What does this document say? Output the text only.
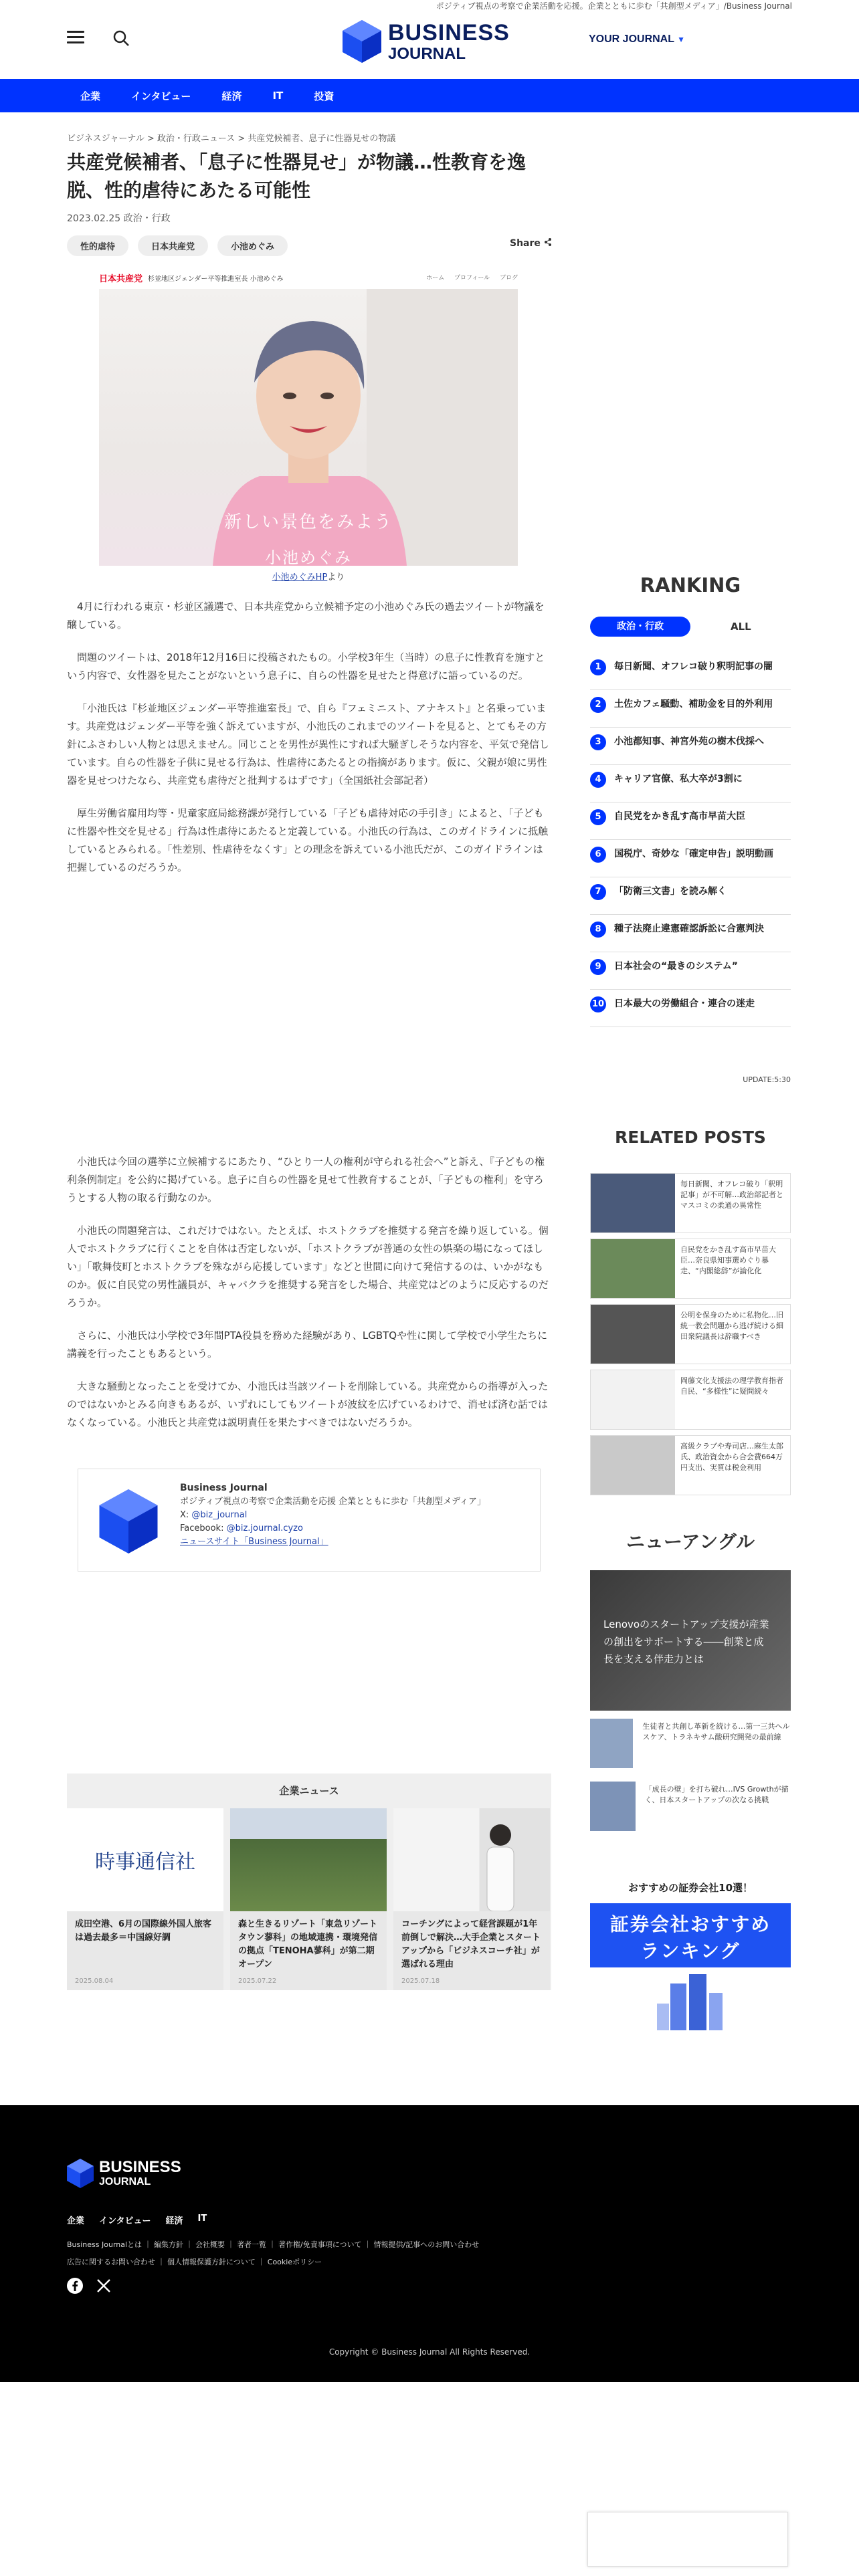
ポジティブ視点の考察で企業活動を応援。企業とともに歩む「共創型メディア」/Business Journal
BUSINESS
JOURNAL
YOUR JOURNAL ▼
企業	インタビュー	経済	IT	投資
ビジネスジャーナル > 政治・行政ニュース > 共産党候補者、息子に性器見せの物議
共産党候補者、「息子に性器見せ」が物議…性教育を逸脱、性的虐待にあたる可能性
2023.02.25 政治・行政
性的虐待	日本共産党	小池めぐみ	Share
日本共産党 杉並地区ジェンダー平等推進室長 小池めぐみ	ホーム プロフィール ブログ
新しい景色をみよう
小池めぐみ
小池めぐみHPより

4月に行われる東京・杉並区議選で、日本共産党から立候補予定の小池めぐみ氏の過去ツイートが物議を醸している。

問題のツイートは、2018年12月16日に投稿されたもの。小学校3年生（当時）の息子に性教育を施すという内容で、女性器を見たことがないという息子に、自らの性器を見せたと得意げに語っているのだ。

「小池氏は『杉並地区ジェンダー平等推進室長』で、自ら『フェミニスト、アナキスト』と名乗っています。共産党はジェンダー平等を強く訴えていますが、小池氏のこれまでのツイートを見ると、とてもその方針にふさわしい人物とは思えません。同じことを男性が異性にすれば大騒ぎしそうな内容を、平気で発信しています。自らの性器を子供に見せる行為は、性虐待にあたるとの指摘があります。仮に、父親が娘に男性器を見せつけたなら、共産党も虐待だと批判するはずです」（全国紙社会部記者）

厚生労働省雇用均等・児童家庭局総務課が発行している「子ども虐待対応の手引き」によると、「子どもに性器や性交を見せる」行為は性虐待にあたると定義している。小池氏の行為は、このガイドラインに抵触しているとみられる。「性差別、性虐待をなくす」との理念を訴えている小池氏だが、このガイドラインは把握しているのだろうか。

小池氏は今回の選挙に立候補するにあたり、“ひとり一人の権利が守られる社会へ”と訴え、『子どもの権利条例制定』を公約に掲げている。息子に自らの性器を見せて性教育することが、「子どもの権利」を守ろうとする人物の取る行動なのか。

小池氏の問題発言は、これだけではない。たとえば、ホストクラブを推奨する発言を繰り返している。個人でホストクラブに行くことを自体は否定しないが、「ホストクラブが普通の女性の娯楽の場になってほしい」「歌舞伎町とホストクラブを殊ながら応援しています」などと世間に向けて発信するのは、いかがなものか。仮に自民党の男性議員が、キャバクラを推奨する発言をした場合、共産党はどのように反応するのだろうか。

さらに、小池氏は小学校で3年間PTA役員を務めた経験があり、LGBTQや性に関して学校で小学生たちに講義を行ったこともあるという。

大きな騒動となったことを受けてか、小池氏は当該ツイートを削除している。共産党からの指導が入ったのではないかとみる向きもあるが、いずれにしてもツイートが波紋を広げているわけで、消せば済む話ではなくなっている。小池氏と共産党は説明責任を果たすべきではないだろうか。

Business Journal
ポジティブ視点の考察で企業活動を応援 企業とともに歩む「共創型メディア」
X: @biz_journal
Facebook: @biz.journal.cyzo
ニュースサイト「Business Journal」
企業ニュース
時事通信社
成田空港、6月の国際線外国人旅客は過去最多＝中国線好調
2025.08.04
森と生きるリゾート「東急リゾートタウン蓼科」の地域連携・環境発信の拠点「TENOHA蓼科」が第二期オープン
2025.07.22
コーチングによって経営課題が1年前倒しで解決…大手企業とスタートアップから「ビジネスコーチ社」が選ばれる理由
2025.07.18
RANKING
政治・行政	ALL
1	毎日新聞、オフレコ破り釈明記事の闇
2	土佐カフェ騒動、補助金を目的外利用
3	小池都知事、神宮外苑の樹木伐採へ
4	キャリア官僚、私大卒が3割に
5	自民党をかき乱す高市早苗大臣
6	国税庁、奇妙な「確定申告」説明動画
7	「防衛三文書」を読み解く
8	種子法廃止違憲確認訴訟に合憲判決
9	日本社会の“最きのシステム”
10 日本最大の労働組合・連合の迷走
UPDATE:5:30
RELATED POSTS
毎日新聞、オフレコ破り「釈明記事」が不可解…政治部記者とマスコミの柔通の異常性
自民党をかき乱す高市早苗大臣…奈良県知事選めぐり暴走、“内閣総辞”が論化化
公明を保身のために私物化…旧統一教会問題から逃げ続ける細田衆院議長は辞職すべき
岡藤文化支援法の理学教育指者自民、“多様性”に疑問続々
高級クラブや寿司店…麻生太郎氏、政治資金から合会費664万円支出、実質は税金利用
ニューアングル
Lenovoのスタートアップ支援が産業の創出をサポートする――創業と成長を支える伴走力とは
生徒者と共創し革新を続ける…第一三共ヘルスケア、トラネキサム酸研究開発の最前線
「成長の壁」を打ち破れ…IVS Growthが描く、日本スタートアップの次なる挑戦
おすすめの証券会社10選！
証券会社おすすめ
ランキング
BUSINESS
JOURNAL
企業 インタビュー 経済 IT
Business Journalとは ｜ 編集方針 ｜ 会社概要 ｜ 著者一覧 ｜ 著作権/免責事項について ｜ 情報提供/記事へのお問い合わせ
広告に関するお問い合わせ ｜ 個人情報保護方針について ｜ Cookieポリシー
Copyright © Business Journal All Rights Reserved.
